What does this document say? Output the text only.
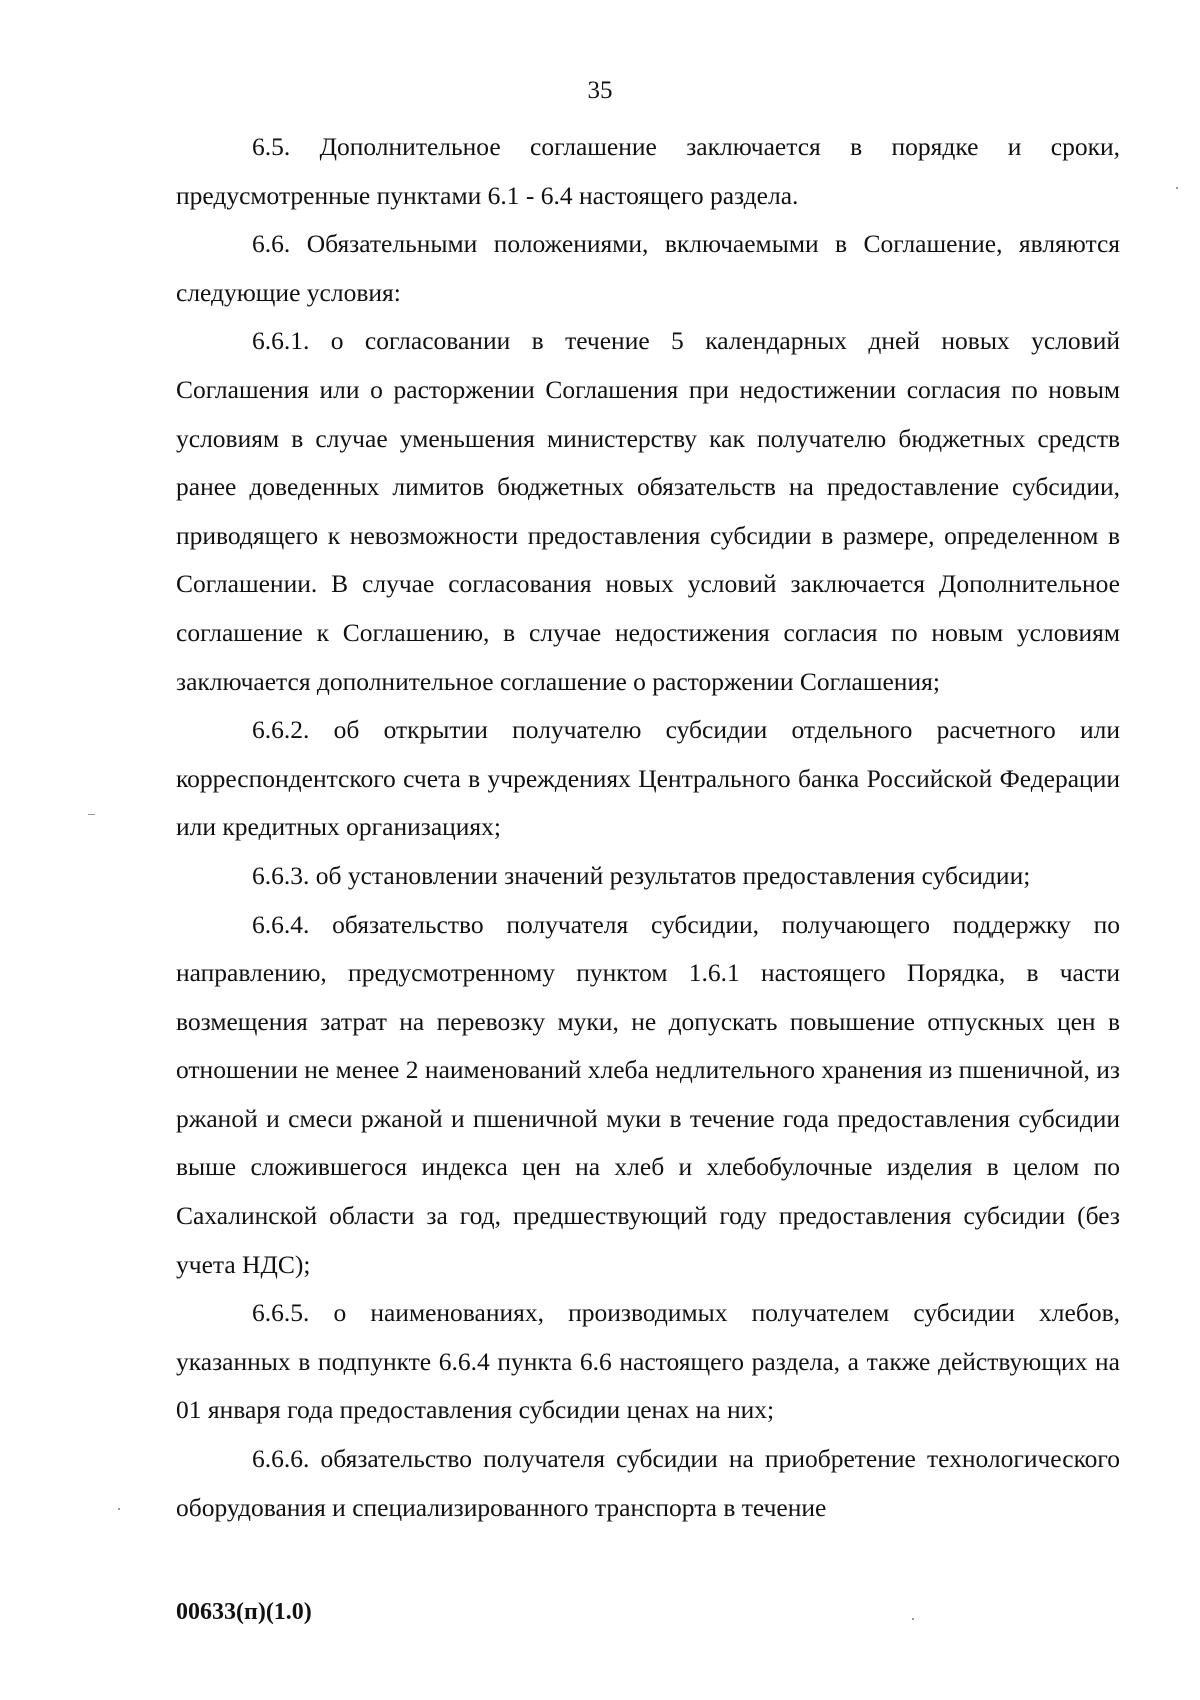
35

6.5. Дополнительное соглашение заключается в порядке и сроки, предусмотренные пунктами 6.1 - 6.4 настоящего раздела.

6.6. Обязательными положениями, включаемыми в Соглашение, являются следующие условия:

6.6.1. о согласовании в течение 5 календарных дней новых условий Соглашения или о расторжении Соглашения при недостижении согласия по новым условиям в случае уменьшения министерству как получателю бюджетных средств ранее доведенных лимитов бюджетных обязательств на предоставление субсидии, приводящего к невозможности предоставления субсидии в размере, определенном в Соглашении. В случае согласования новых условий заключается Дополнительное соглашение к Соглашению, в случае недостижения согласия по новым условиям заключается дополнительное соглашение о расторжении Соглашения;

6.6.2. об открытии получателю субсидии отдельного расчетного или корреспондентского счета в учреждениях Центрального банка Российской Федерации или кредитных организациях;

6.6.3. об установлении значений результатов предоставления субсидии;

6.6.4. обязательство получателя субсидии, получающего поддержку по направлению, предусмотренному пунктом 1.6.1 настоящего Порядка, в части возмещения затрат на перевозку муки, не допускать повышение отпускных цен в отношении не менее 2 наименований хлеба недлительного хранения из пшеничной, из ржаной и смеси ржаной и пшеничной муки в течение года предоставления субсидии выше сложившегося индекса цен на хлеб и хлебобулочные изделия в целом по Сахалинской области за год, предшествующий году предоставления субсидии (без учета НДС);

6.6.5. о наименованиях, производимых получателем субсидии хлебов, указанных в подпункте 6.6.4 пункта 6.6 настоящего раздела, а также действующих на 01 января года предоставления субсидии ценах на них;

6.6.6. обязательство получателя субсидии на приобретение технологического оборудования и специализированного транспорта в течение

00633(п)(1.0)
